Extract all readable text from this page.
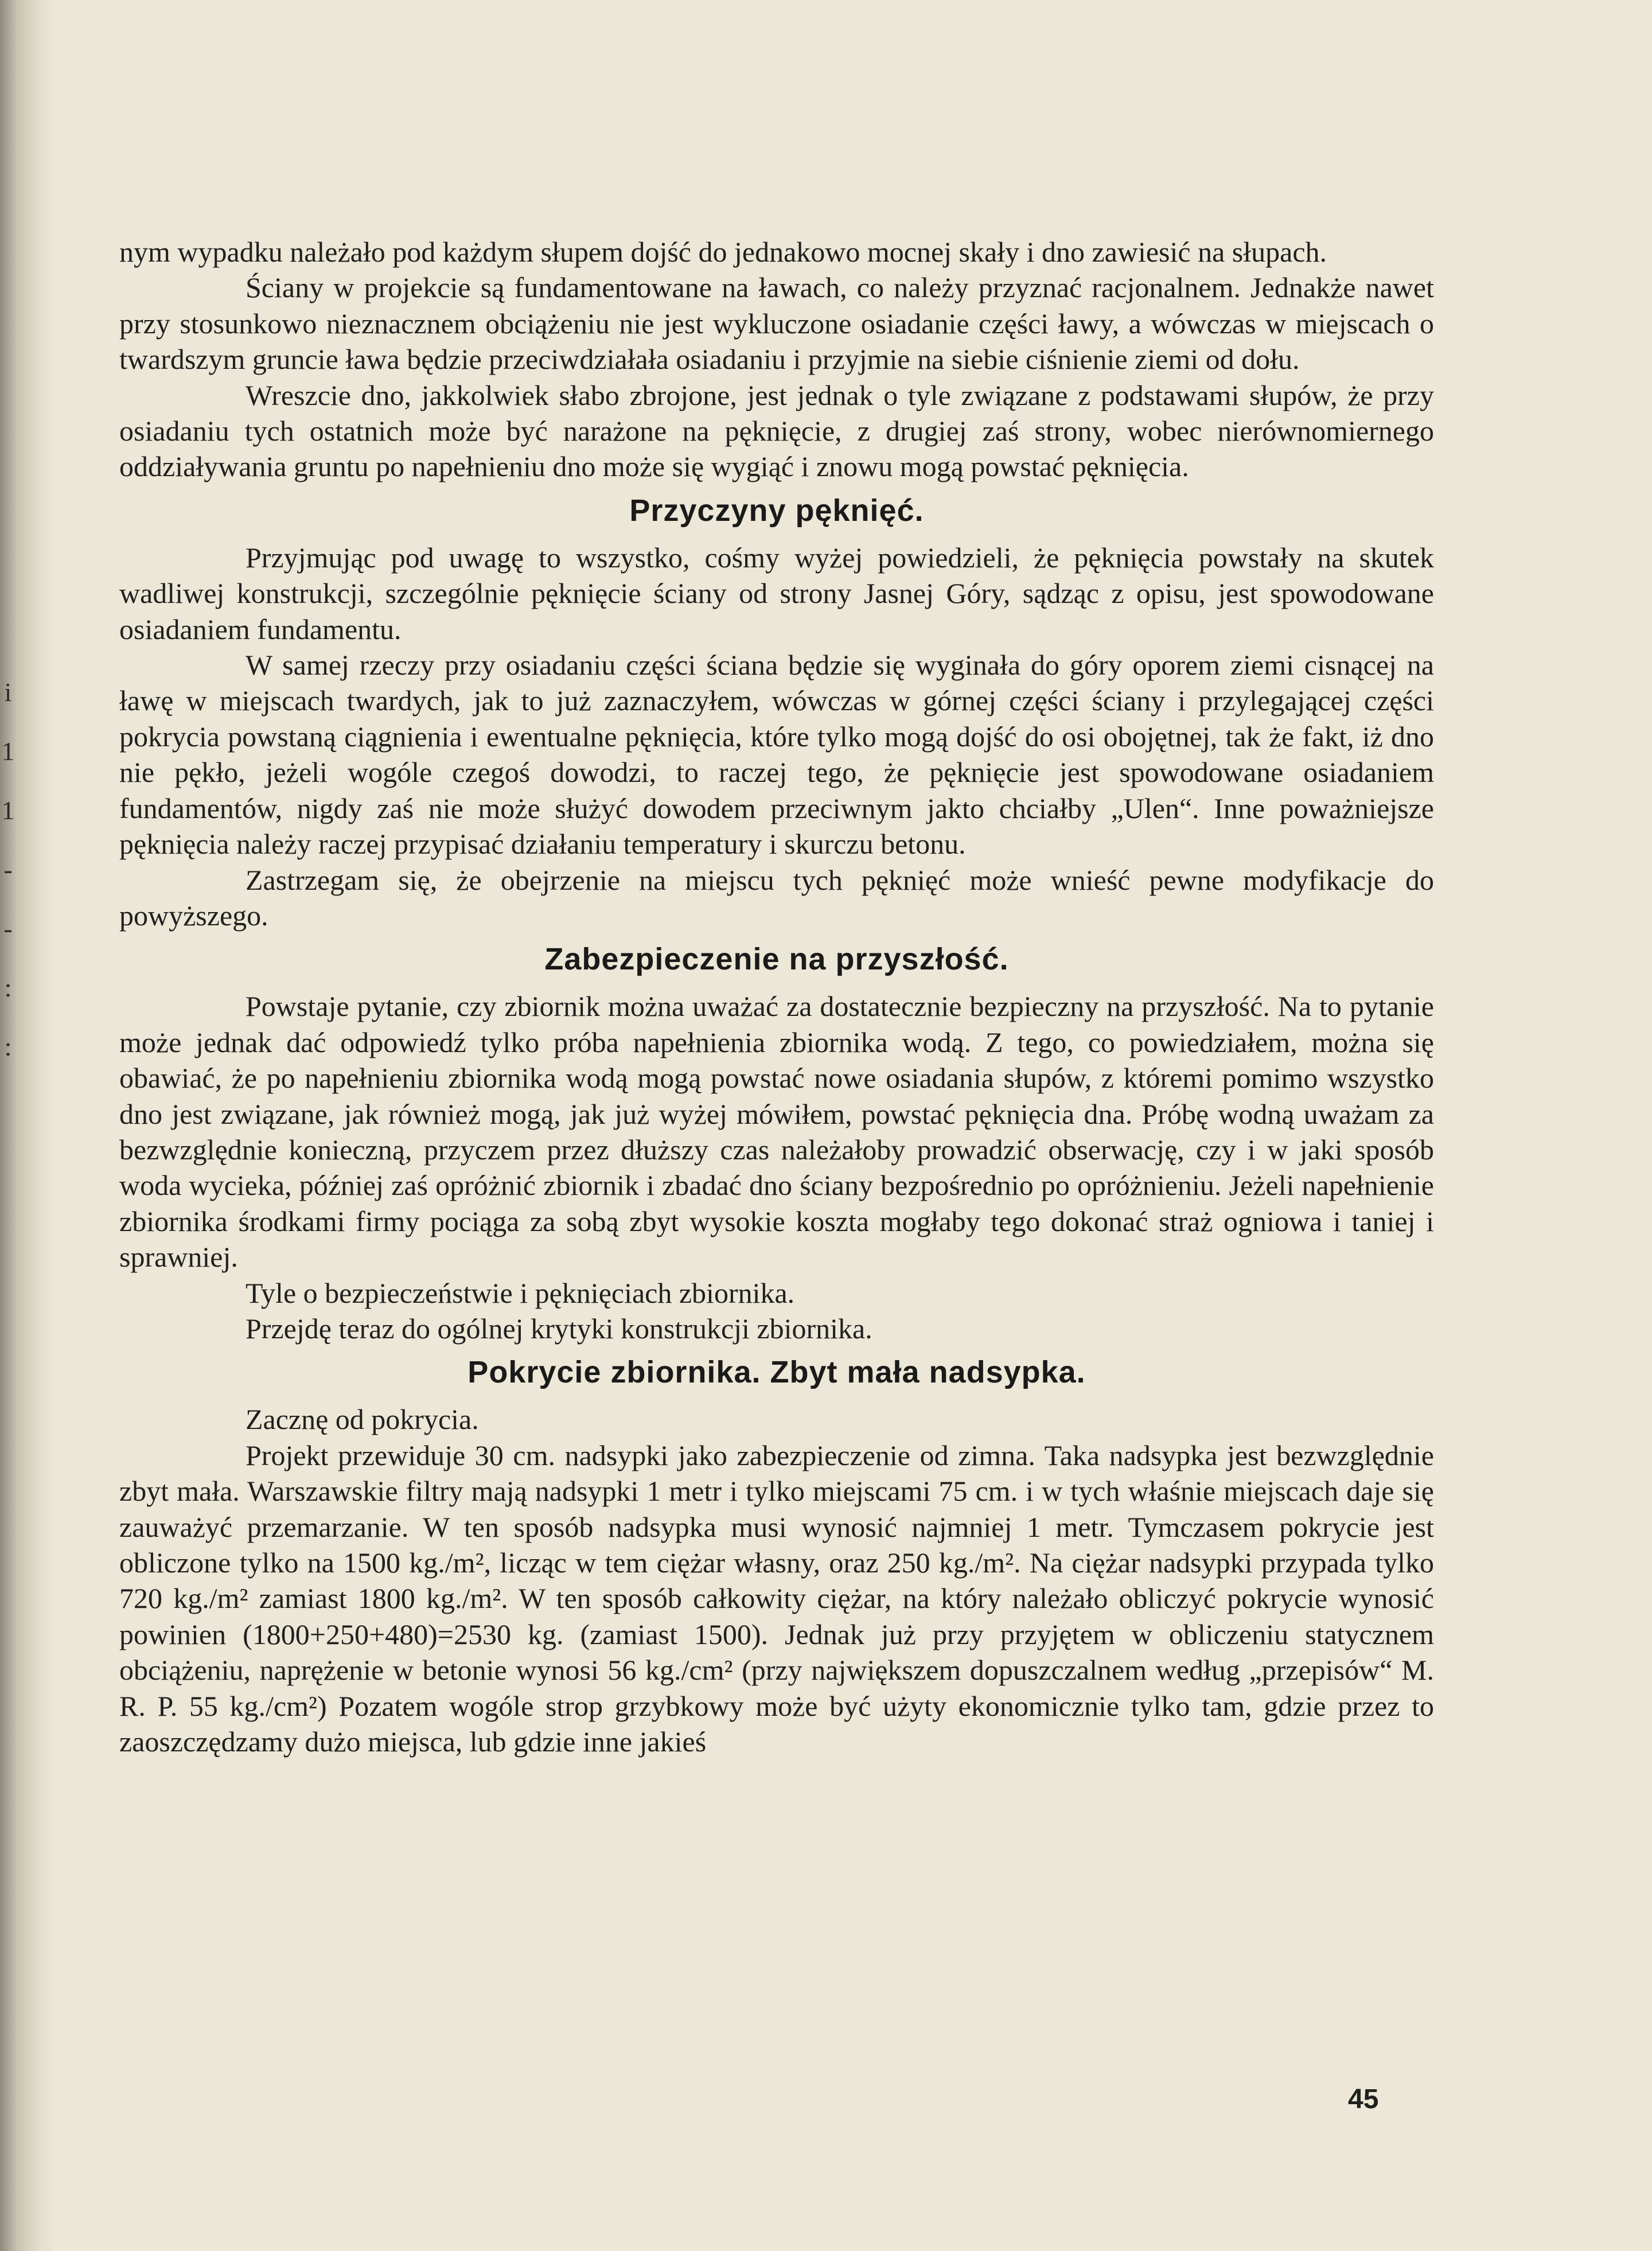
i
1
1
-
-
:
:

nym wypadku należało pod każdym słupem dojść do jednakowo mocnej skały i dno zawiesić na słupach.

Ściany w projekcie są fundamentowane na ławach, co należy przyznać racjonalnem. Jednakże nawet przy stosunkowo nieznacznem obciążeniu nie jest wykluczone osiadanie części ławy, a wówczas w miejscach o twardszym gruncie ława będzie przeciwdziałała osiadaniu i przyjmie na siebie ciśnienie ziemi od dołu.

Wreszcie dno, jakkolwiek słabo zbrojone, jest jednak o tyle związane z podstawami słupów, że przy osiadaniu tych ostatnich może być narażone na pęknięcie, z drugiej zaś strony, wobec nierównomiernego oddziaływania gruntu po napełnieniu dno może się wygiąć i znowu mogą powstać pęknięcia.

Przyczyny pęknięć.

Przyjmując pod uwagę to wszystko, cośmy wyżej powiedzieli, że pęknięcia powstały na skutek wadliwej konstrukcji, szczególnie pęknięcie ściany od strony Jasnej Góry, sądząc z opisu, jest spowodowane osiadaniem fundamentu.

W samej rzeczy przy osiadaniu części ściana będzie się wyginała do góry oporem ziemi cisnącej na ławę w miejscach twardych, jak to już zaznaczyłem, wówczas w górnej części ściany i przylegającej części pokrycia powstaną ciągnienia i ewentualne pęknięcia, które tylko mogą dojść do osi obojętnej, tak że fakt, iż dno nie pękło, jeżeli wogóle czegoś dowodzi, to raczej tego, że pęknięcie jest spowodowane osiadaniem fundamentów, nigdy zaś nie może służyć dowodem przeciwnym jakto chciałby „Ulen“. Inne poważniejsze pęknięcia należy raczej przypisać działaniu temperatury i skurczu betonu.

Zastrzegam się, że obejrzenie na miejscu tych pęknięć może wnieść pewne modyfikacje do powyższego.

Zabezpieczenie na przyszłość.

Powstaje pytanie, czy zbiornik można uważać za dostatecznie bezpieczny na przyszłość. Na to pytanie może jednak dać odpowiedź tylko próba napełnienia zbiornika wodą. Z tego, co powiedziałem, można się obawiać, że po napełnieniu zbiornika wodą mogą powstać nowe osiadania słupów, z któremi pomimo wszystko dno jest związane, jak również mogą, jak już wyżej mówiłem, powstać pęknięcia dna. Próbę wodną uważam za bezwzględnie konieczną, przyczem przez dłuższy czas należałoby prowadzić obserwację, czy i w jaki sposób woda wycieka, później zaś opróżnić zbiornik i zbadać dno ściany bezpośrednio po opróżnieniu. Jeżeli napełnienie zbiornika środkami firmy pociąga za sobą zbyt wysokie koszta mogłaby tego dokonać straż ogniowa i taniej i sprawniej.

Tyle o bezpieczeństwie i pęknięciach zbiornika.

Przejdę teraz do ogólnej krytyki konstrukcji zbiornika.

Pokrycie zbiornika. Zbyt mała nadsypka.

Zacznę od pokrycia.

Projekt przewiduje 30 cm. nadsypki jako zabezpieczenie od zimna. Taka nadsypka jest bezwzględnie zbyt mała. Warszawskie filtry mają nadsypki 1 metr i tylko miejscami 75 cm. i w tych właśnie miejscach daje się zauważyć przemarzanie. W ten sposób nadsypka musi wynosić najmniej 1 metr. Tymczasem pokrycie jest obliczone tylko na 1500 kg./m², licząc w tem ciężar własny, oraz 250 kg./m². Na ciężar nadsypki przypada tylko 720 kg./m² zamiast 1800 kg./m². W ten sposób całkowity ciężar, na który należało obliczyć pokrycie wynosić powinien (1800+250+480)=2530 kg. (zamiast 1500). Jednak już przy przyjętem w obliczeniu statycznem obciążeniu, naprężenie w betonie wynosi 56 kg./cm² (przy największem dopuszczalnem według „przepisów“ M. R. P. 55 kg./cm²) Pozatem wogóle strop grzybkowy może być użyty ekonomicznie tylko tam, gdzie przez to zaoszczędzamy dużo miejsca, lub gdzie inne jakieś

45
